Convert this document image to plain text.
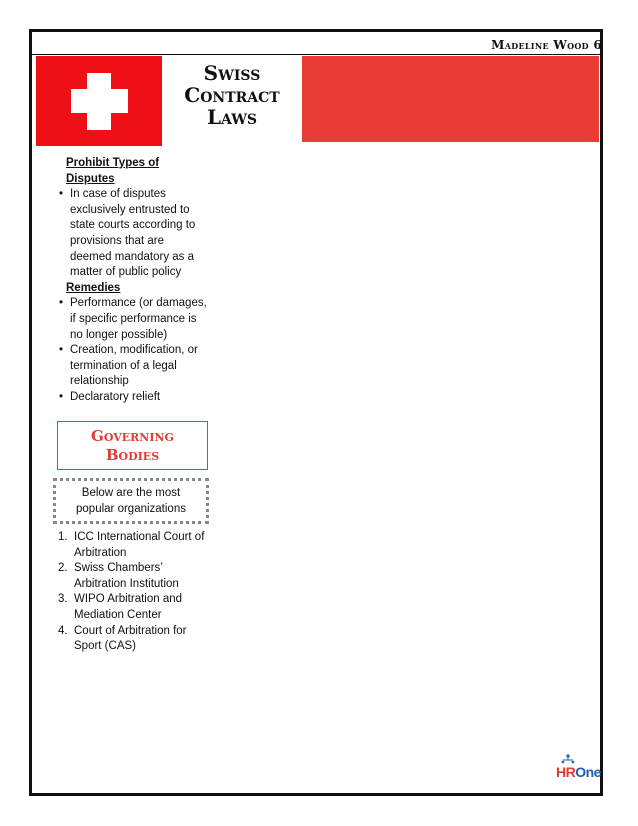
Madeline Wood 6
Swiss
Contract
Laws
Prohibit Types of
Disputes
• In case of disputes exclusively entrusted to state courts according to provisions that are deemed mandatory as a matter of public policy
Remedies
• Performance (or damages, if specific performance is no longer possible)
• Creation, modification, or termination of a legal relationship
• Declaratory relieft
Governing
Bodies
Below are the most
popular organizations
1. ICC International Court of Arbitration
2. Swiss Chambers’ Arbitration Institution
3. WIPO Arbitration and Mediation Center
4. Court of Arbitration for Sport (CAS)
HROne
